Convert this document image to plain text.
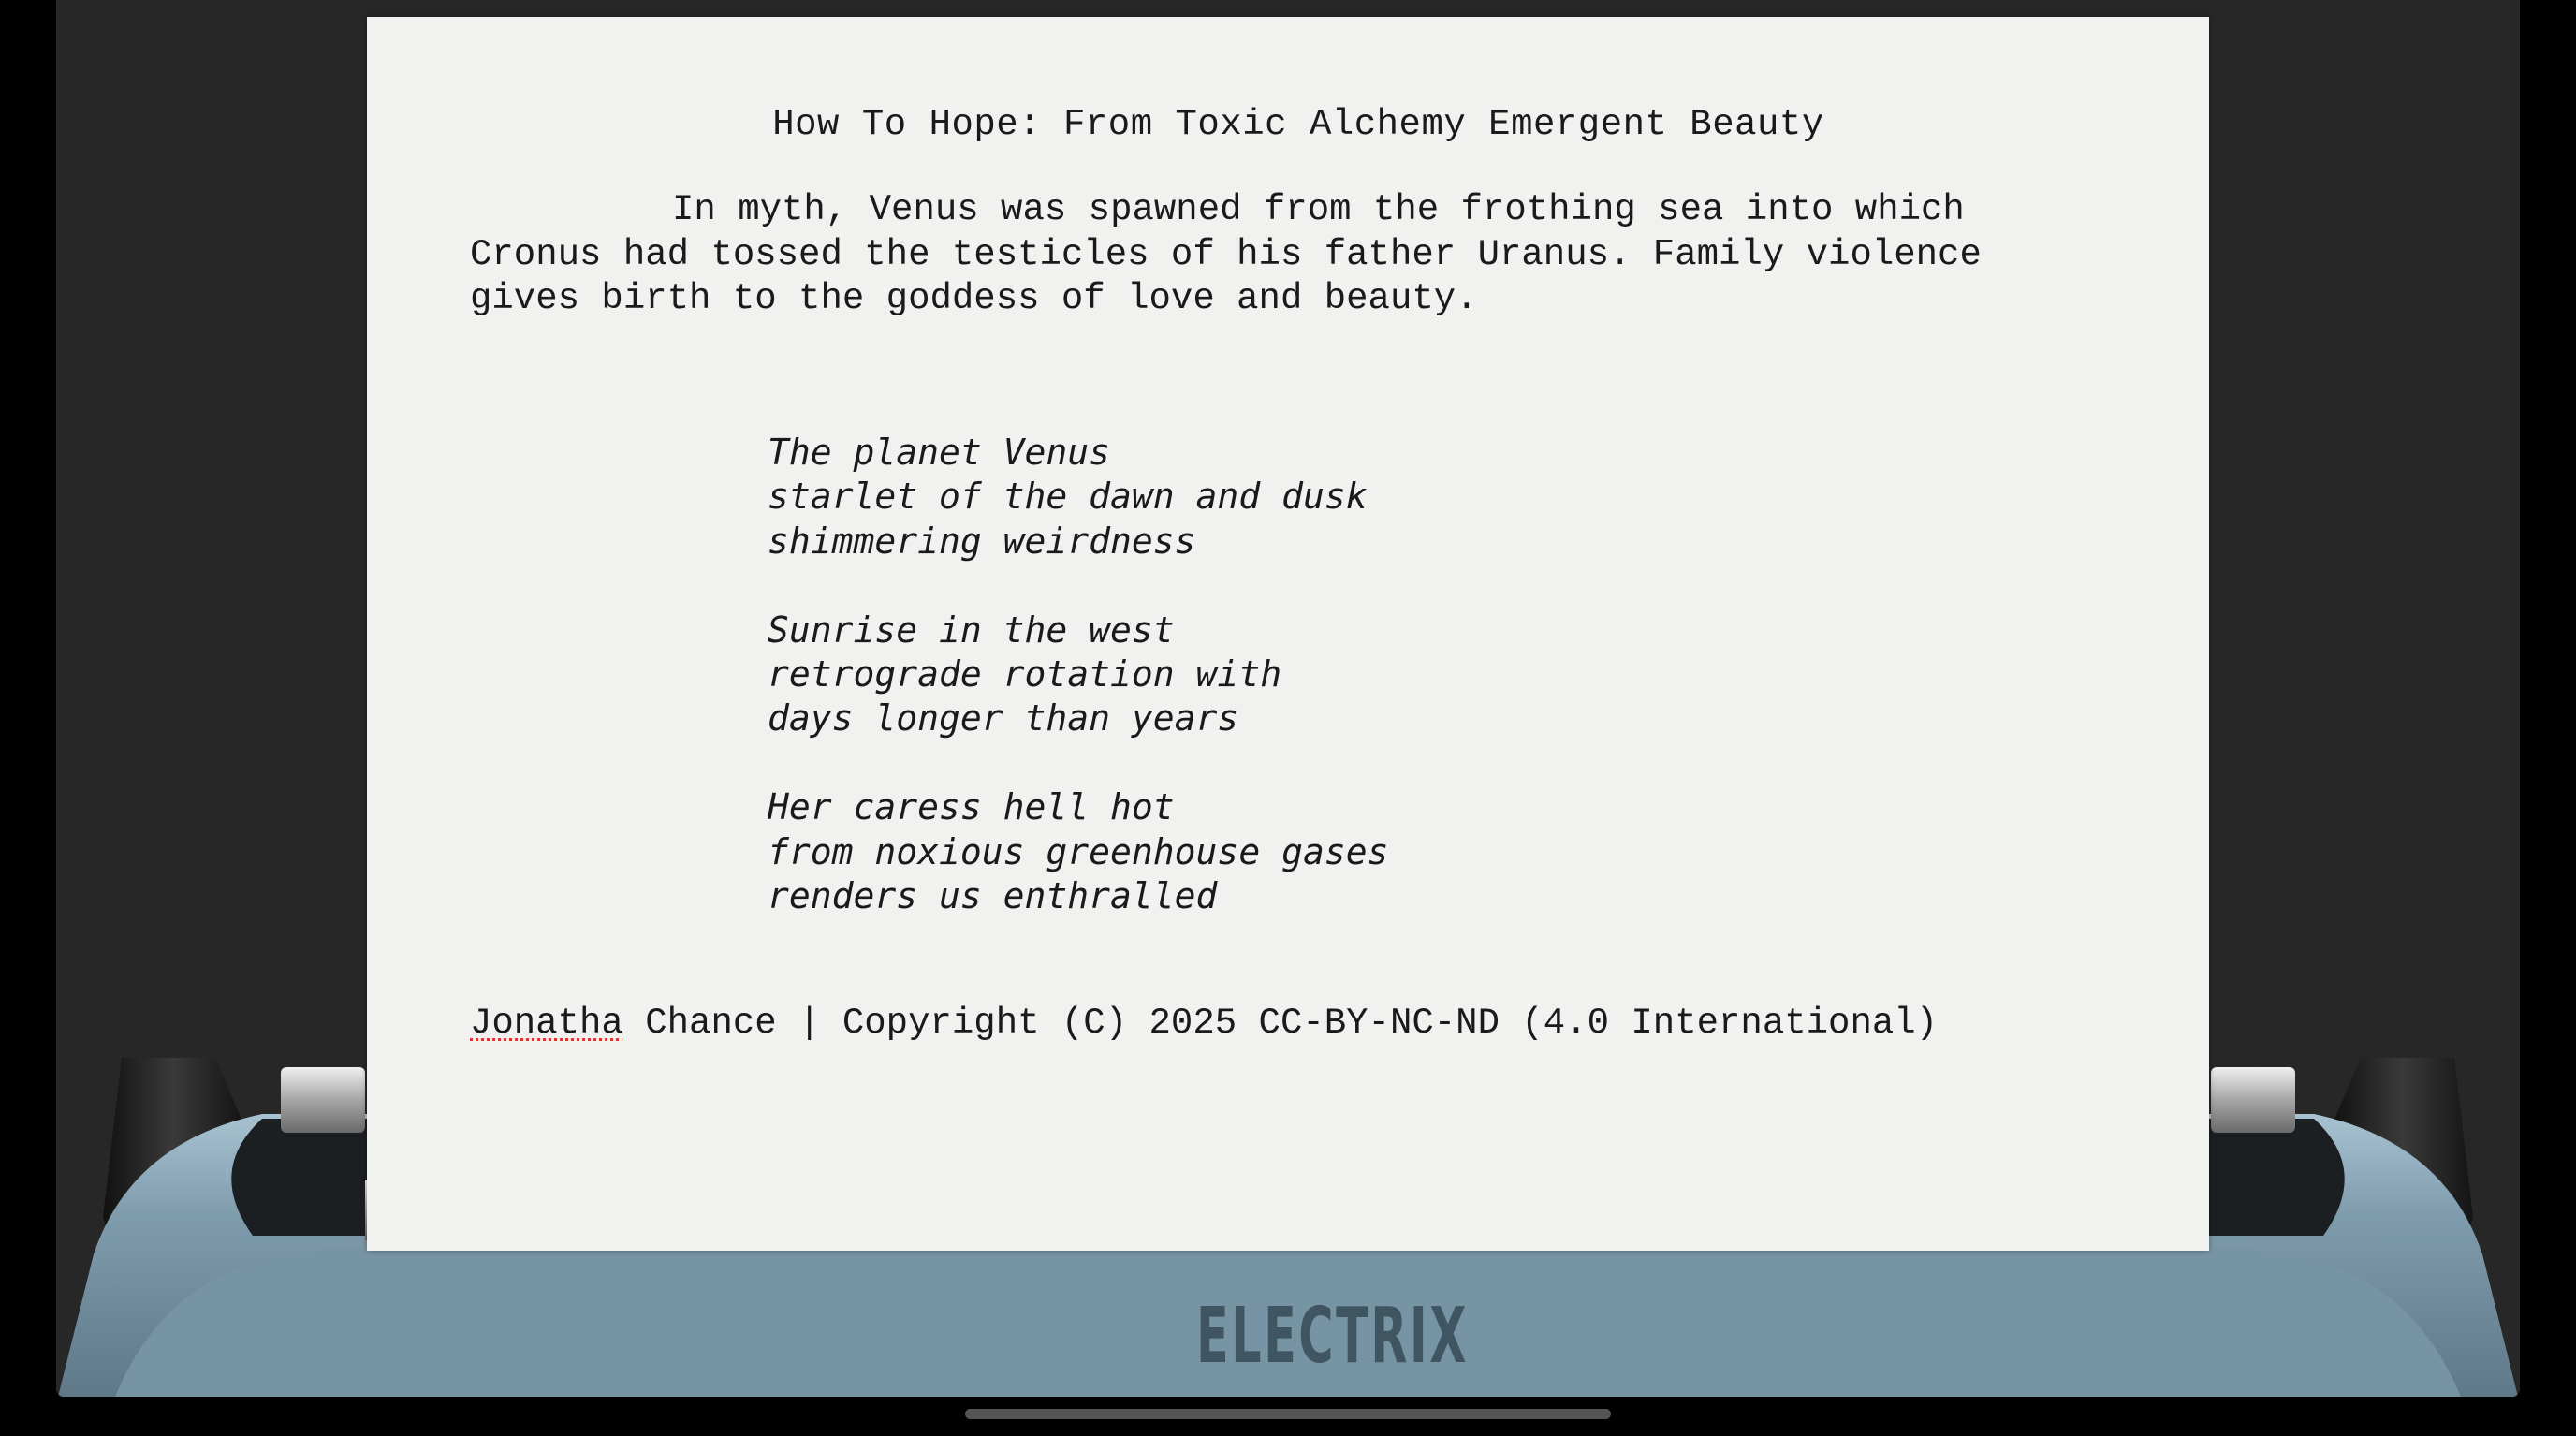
How To Hope: From Toxic Alchemy Emergent Beauty

In myth, Venus was spawned from the frothing sea into which Cronus had tossed the testicles of his father Uranus. Family violence gives birth to the goddess of love and beauty.

The planet Venus
starlet of the dawn and dusk
shimmering weirdness
Sunrise in the west
retrograde rotation with
days longer than years
Her caress hell hot
from noxious greenhouse gases
renders us enthralled
Jonatha Chance | Copyright (C) 2025 CC-BY-NC-ND (4.0 International)
ELECTRIX
